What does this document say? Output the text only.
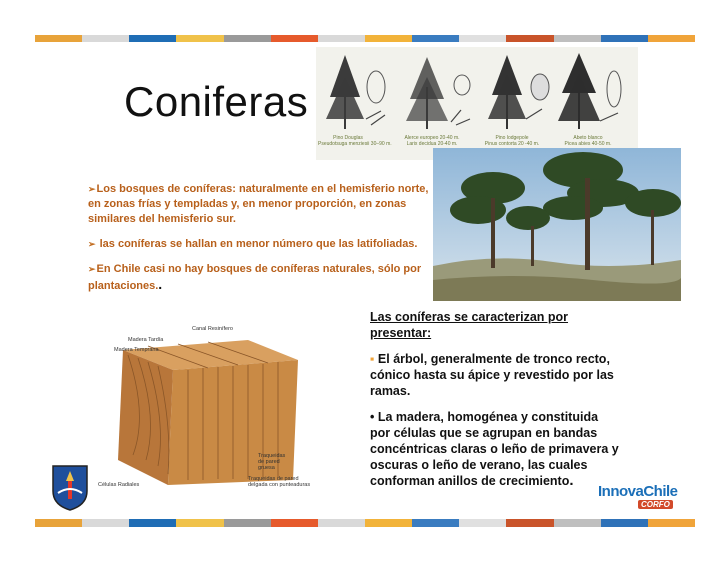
Pino Douglas
Pseudotsuga menziesii 30–90 m.
Alerce europeo 20-40 m.
Larix decidua 20-40 m.
Pino lodgepole
Pinus contorta 20 -40 m.
Abeto blanco
Picea abies 40-50 m.
Coniferas

➢Los bosques de coníferas: naturalmente en el hemisferio norte, en zonas frías y templadas y, en menor proporción, en zonas similares del hemisferio sur.

➢ las coníferas se hallan en menor número que las latifoliadas.

➢En Chile casi no hay bosques de coníferas naturales, sólo por plantaciones..

Canal Resinífero
Madera Tardía
Madera Temprana
Células Radiales
Traqueidas
de pared
gruesa
Traqueidas de pared
delgada con punteaduras

Las coníferas se caracterizan por presentar:

▪ El árbol, generalmente de tronco recto, cónico hasta su ápice y revestido por las ramas.

• La madera, homogénea y constituida por células que se agrupan en bandas concéntricas claras o leño de primavera y oscuras o leño de verano, las cuales conforman anillos de crecimiento.

InnovaChile
CORFO
